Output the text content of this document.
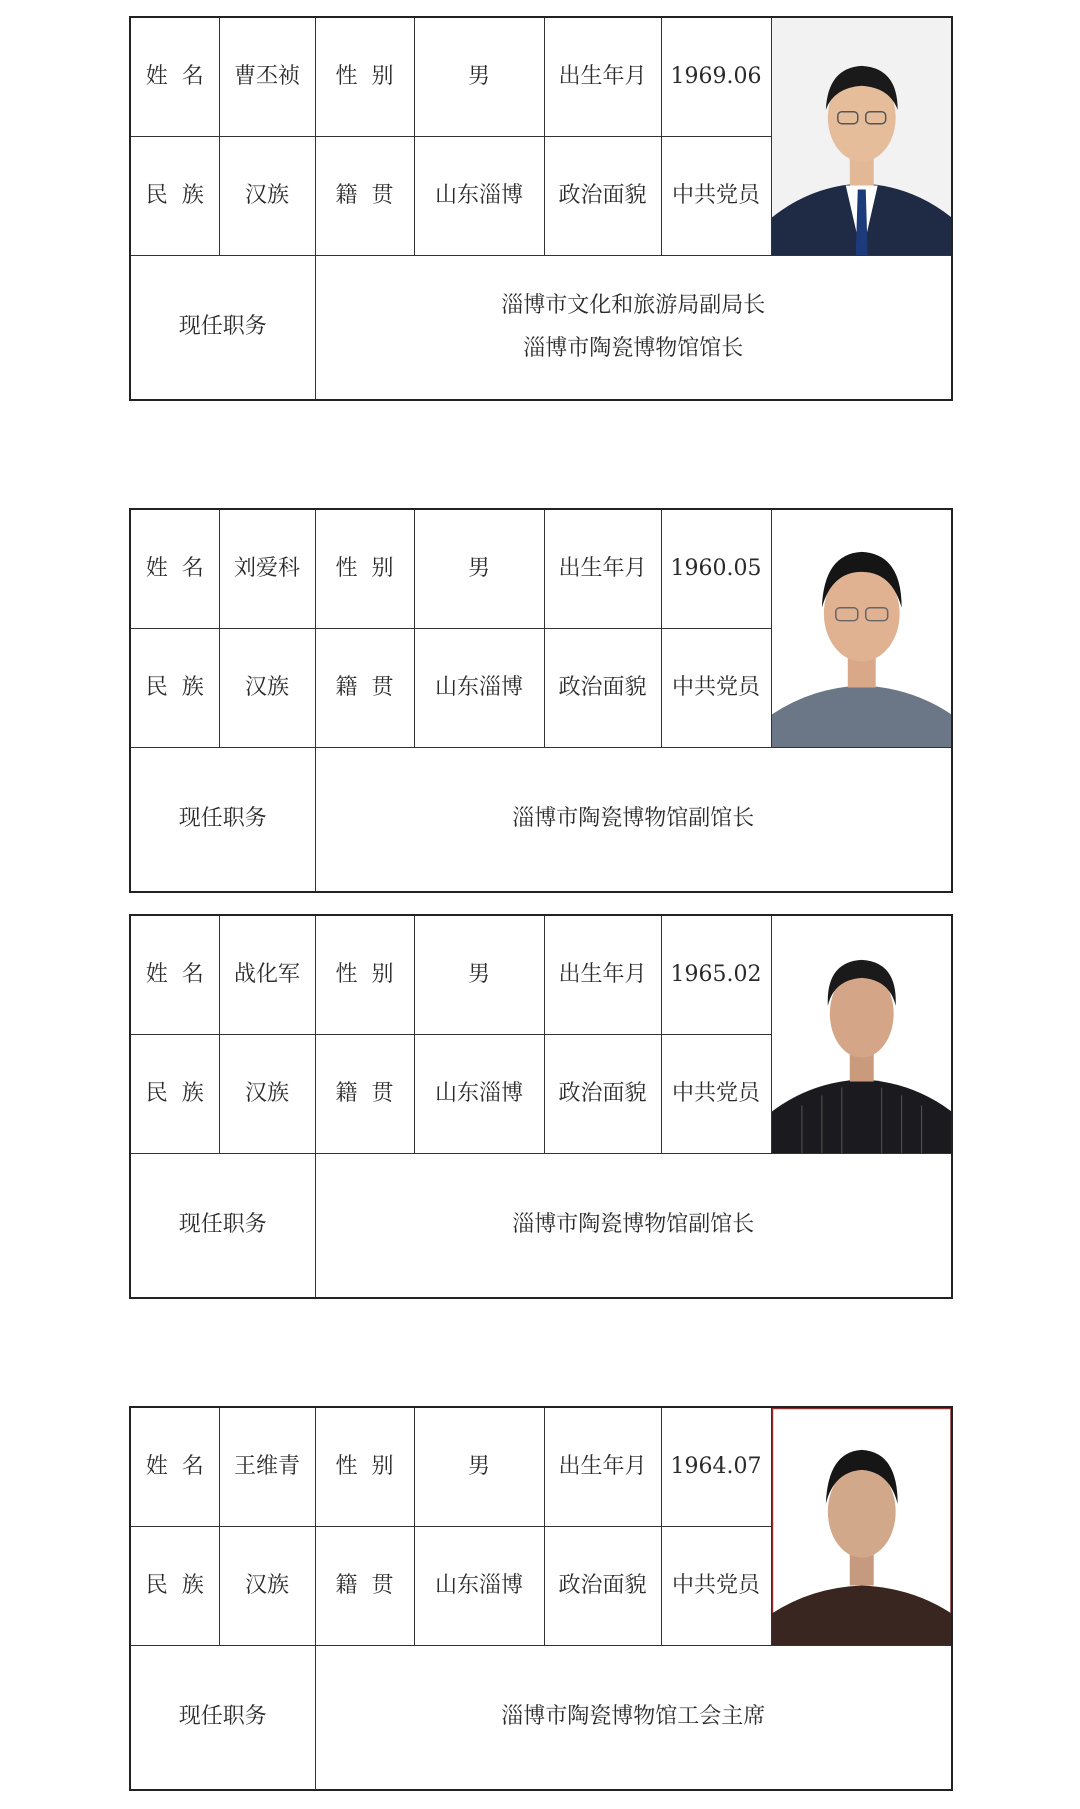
姓  名	曹丕祯	性  别	男	出生年月	1969.06	

民  族	汉族	籍  贯	山东淄博	政治面貌	中共党员	
现任职务		淄博市文化和旅游局副局长
淄博市陶瓷博物馆馆长				
姓  名	刘爱科	性  别	男	出生年月	1960.05	

民  族	汉族	籍  贯	山东淄博	政治面貌	中共党员	
现任职务		淄博市陶瓷博物馆副馆长				
姓  名	战化军	性  别	男	出生年月	1965.02	

民  族	汉族	籍  贯	山东淄博	政治面貌	中共党员	
现任职务		淄博市陶瓷博物馆副馆长				
姓  名	王维青	性  别	男	出生年月	1964.07	

民  族	汉族	籍  贯	山东淄博	政治面貌	中共党员	
现任职务		淄博市陶瓷博物馆工会主席				
